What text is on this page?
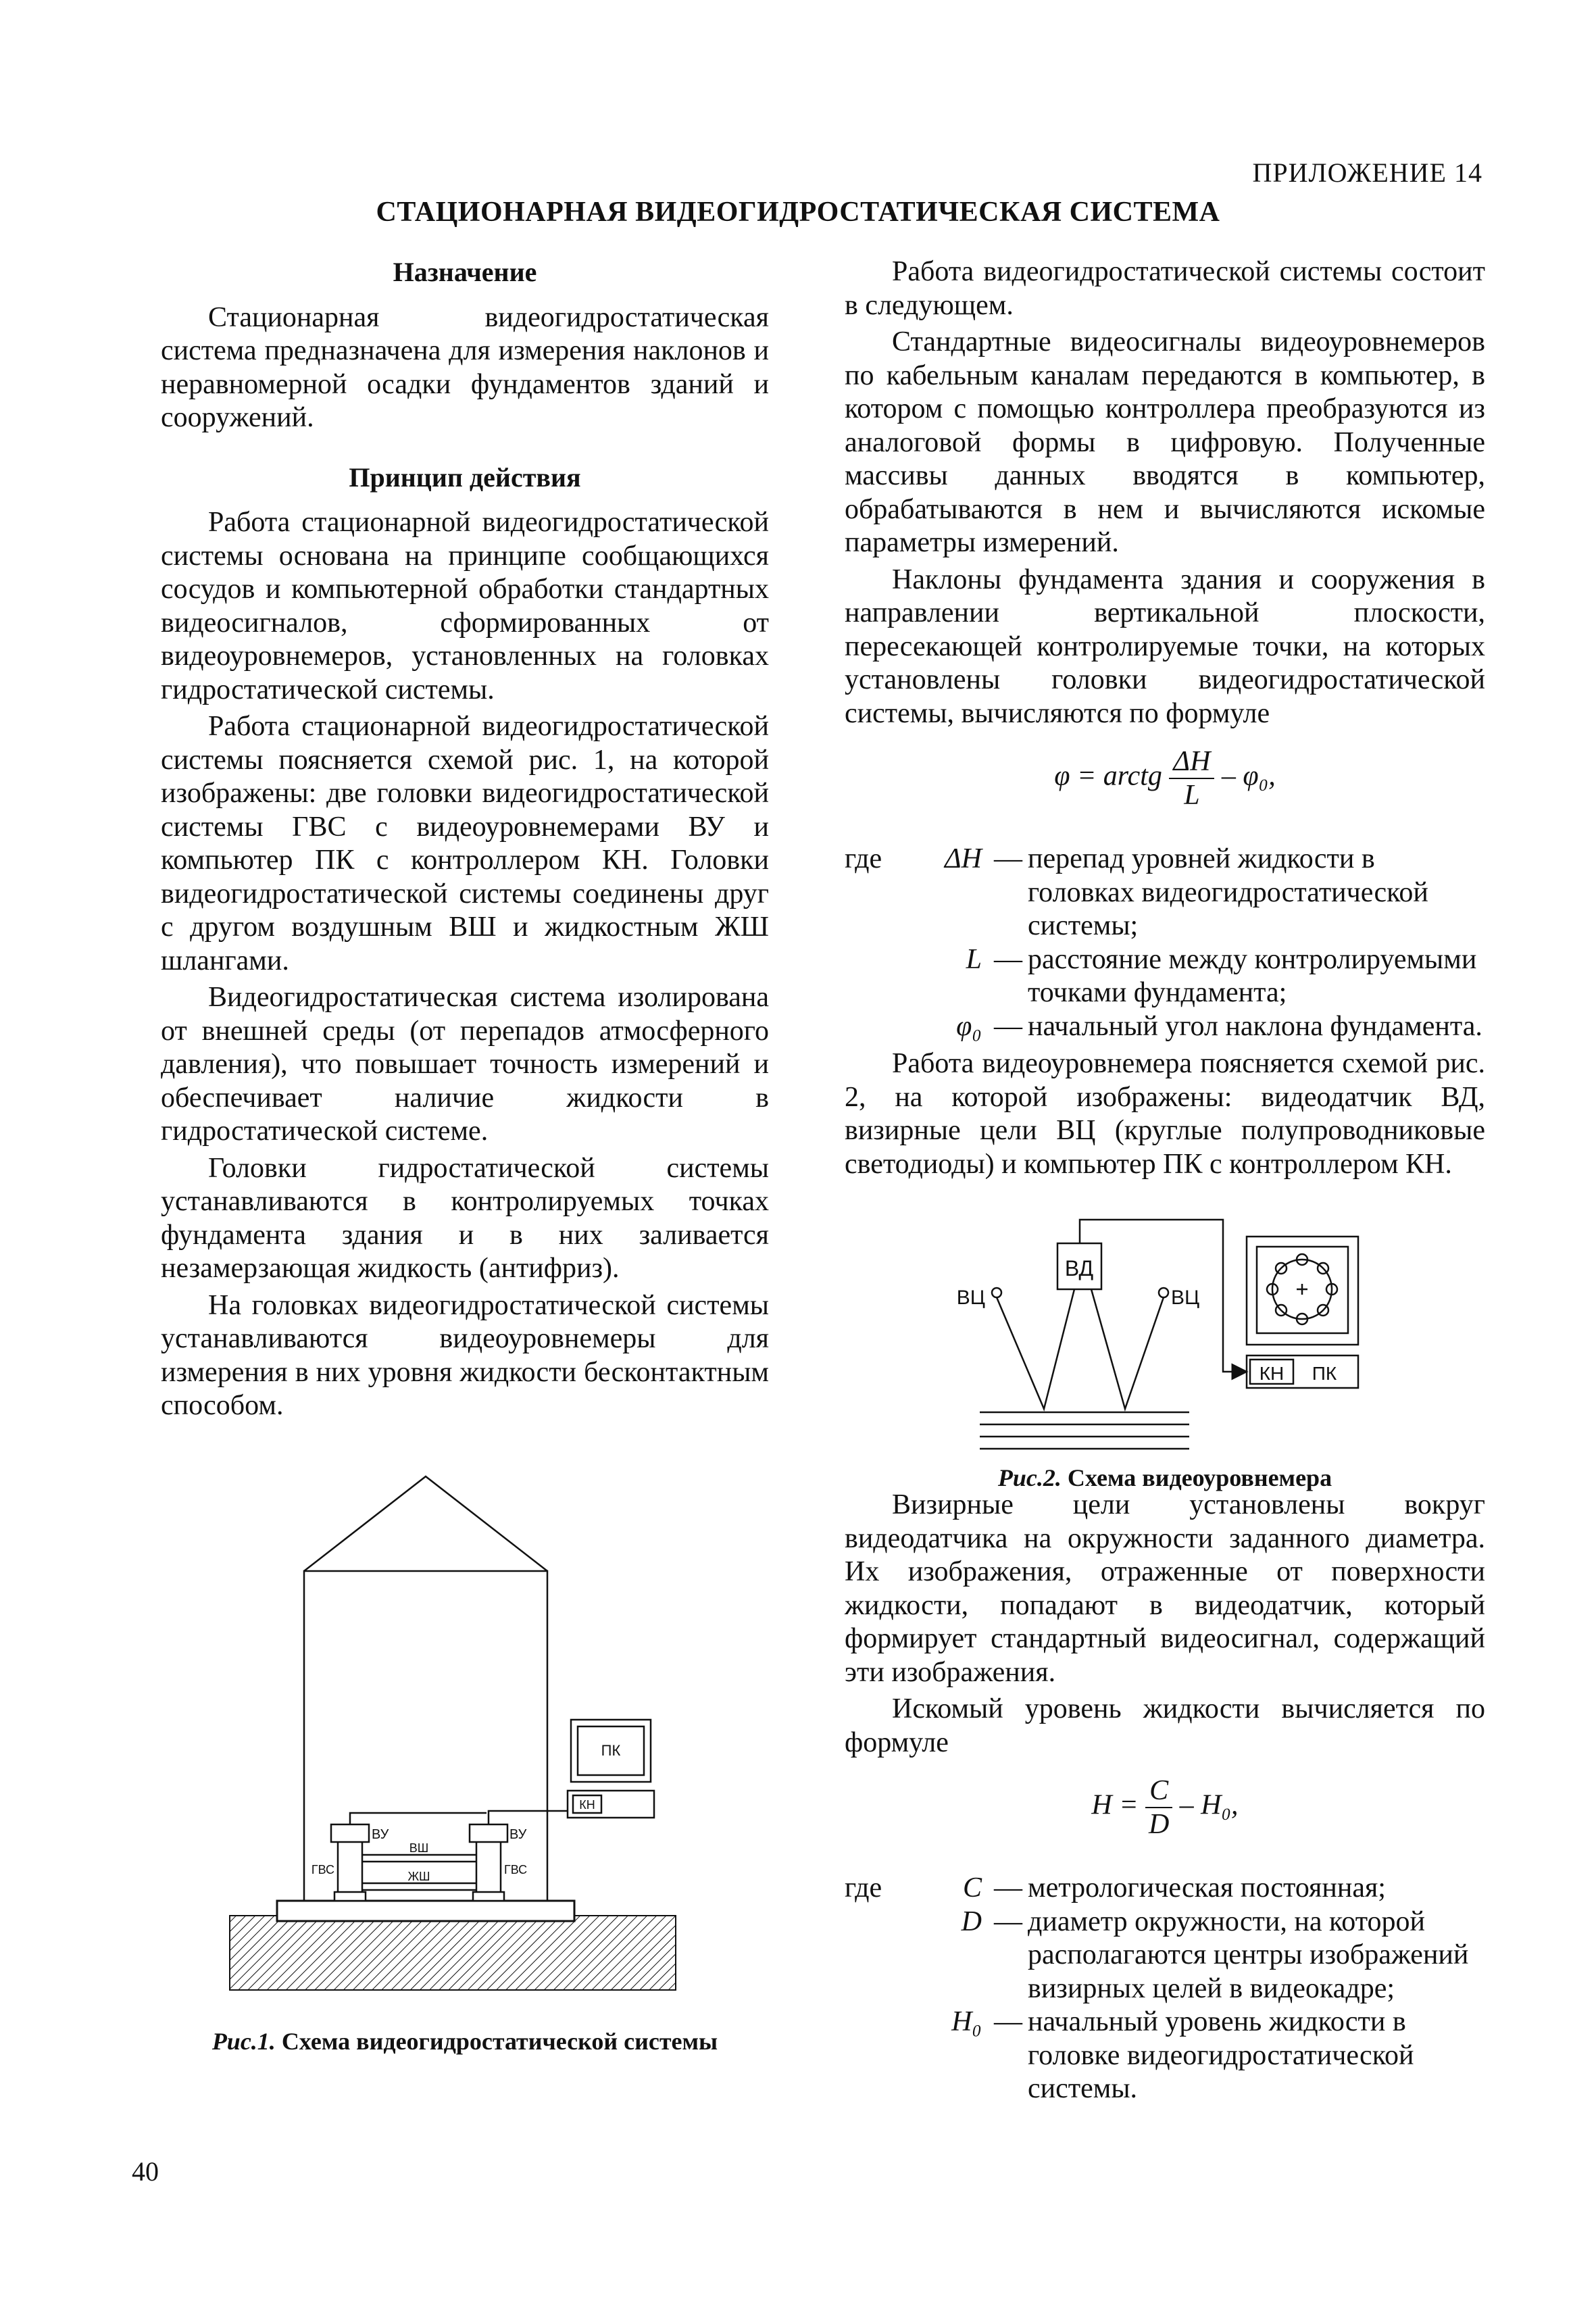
ПРИЛОЖЕНИЕ 14
СТАЦИОНАРНАЯ ВИДЕОГИДРОСТАТИЧЕСКАЯ СИСТЕМА
Назначение

Стационарная видеогидростатическая система предназначена для измерения наклонов и неравномерной осадки фундаментов зданий и сооружений.

Принцип действия

Работа стационарной видеогидростатической системы основана на принципе сообщающихся сосудов и компьютерной обработки стандартных видеосигналов, сформированных от видеоуровнемеров, установленных на головках гидростатической системы.

Работа стационарной видеогидростатической системы поясняется схемой рис. 1, на которой изображены: две головки видеогидростатической системы ГВС с видеоуровнемерами ВУ и компьютер ПК с контроллером КН. Головки видеогидростатической системы соединены друг с другом воздушным ВШ и жидкостным ЖШ шлангами.

Видеогидростатическая система изолирована от внешней среды (от перепадов атмосферного давления), что повышает точность измерений и обеспечивает наличие жидкости в гидростатической системе.

Головки гидростатической системы устанавливаются в контролируемых точках фундамента здания и в них заливается незамерзающая жидкость (антифриз).

На головках видеогидростатической системы устанавливаются видеоуровнемеры для измерения в них уровня жидкости бесконтактным способом.

Работа видеогидростатической системы состоит в следующем.

Стандартные видеосигналы видеоуровнемеров по кабельным каналам передаются в компьютер, в котором с помощью контроллера преобразуются из аналоговой формы в цифровую. Полученные массивы данных вводятся в компьютер, обрабатываются в нем и вычисляются искомые параметры измерений.

Наклоны фундамента здания и сооружения в направлении вертикальной плоскости, пересекающей контролируемые точки, на которых установлены головки видеогидростатической системы, вычисляются по формуле

φ = arctg $\frac{\Delta H}{L} - \varphi_0$,
где	ΔH — перепад уровней жидкости в головках видеогидростатической системы;
L — расстояние между контролируемыми точками фундамента;
φ₀ — начальный угол наклона фундамента.

Работа видеоуровнемера поясняется схемой рис. 2, на которой изображены: видеодатчик ВД, визирные цели ВЦ (круглые полупроводниковые светодиоды) и компьютер ПК с контроллером КН.

Визирные цели установлены вокруг видеодатчика на окружности заданного диаметра. Их изображения, отраженные от поверхности жидкости, попадают в видеодатчик, который формирует стандартный видеосигнал, содержащий эти изображения.

Искомый уровень жидкости вычисляется по формуле

$H = \frac{C}{D} - H_0$,
где	C — метрологическая постоянная;
D — диаметр окружности, на которой располагаются центры изображений визирных целей в видеокадре;
H₀ — начальный уровень жидкости в головке видеогидростатической системы.
ВЦ
ВД
ВЦ
КН ПК
Рис.2. Схема видеоуровнемера
ПК
КН
ВУ	ВУ
ВШ
ЖШ
ГВС	ГВС
Рис.1. Схема видеогидростатической системы
40
